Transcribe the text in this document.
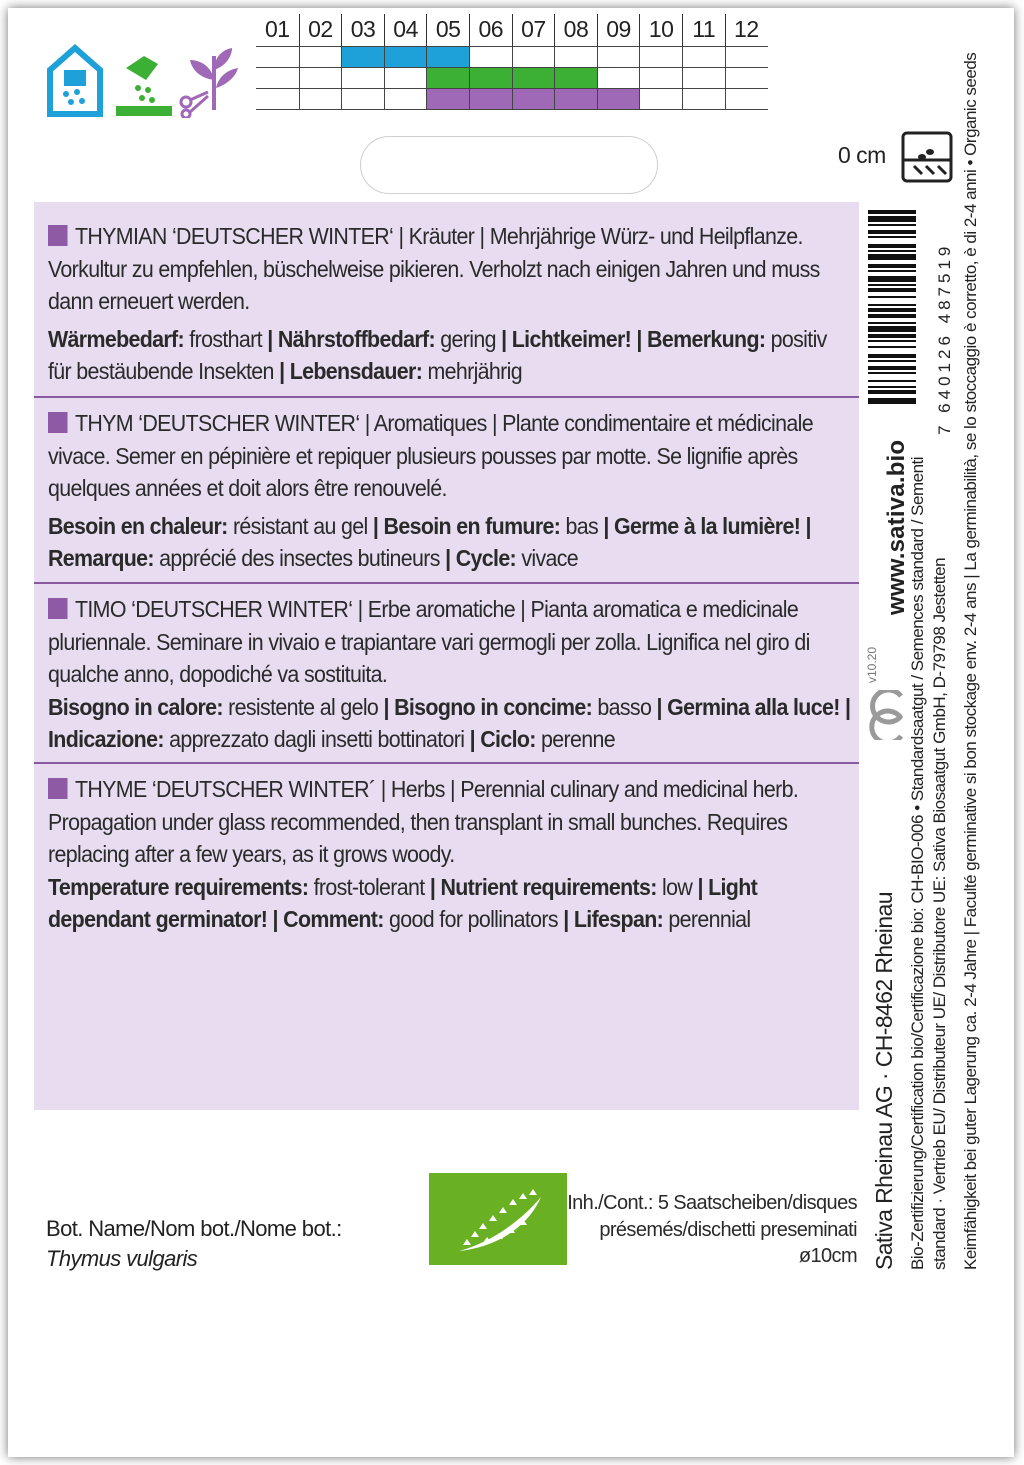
01 02 03 04 05 06 07 08 09 10 11 12
0 cm

THYMIAN ‘DEUTSCHER WINTER‘ | Kräuter | Mehrjährige Würz- und Heilpflanze. Vorkultur zu empfehlen, büschelweise pikieren. Verholzt nach einigen Jahren und muss dann erneuert werden.

Wärmebedarf: frosthart | Nährstoffbedarf: gering | Lichtkeimer! | Bemerkung: positiv für bestäubende Insekten | Lebensdauer: mehrjährig

THYM ‘DEUTSCHER WINTER‘ | Aromatiques | Plante condimentaire et médicinale vivace. Semer en pépinière et repiquer plusieurs pousses par motte. Se lignifie après quelques années et doit alors être renouvelé.

Besoin en chaleur: résistant au gel | Besoin en fumure: bas | Germe à la lumière! | Remarque: apprécié des insectes butineurs | Cycle: vivace

TIMO ‘DEUTSCHER WINTER‘ | Erbe aromatiche | Pianta aromatica e medicinale pluriennale. Seminare in vivaio e trapiantare vari germogli per zolla. Lignifica nel giro di qualche anno, dopodiché va sostituita.

Bisogno in calore: resistente al gelo | Bisogno in concime: basso | Germina alla luce! | Indicazione: apprezzato dagli insetti bottinatori | Ciclo: perenne

THYME ‘DEUTSCHER WINTER´ | Herbs | Perennial culinary and medicinal herb. Propagation under glass recommended, then transplant in small bunches. Requires replacing after a few years, as it grows woody.

Temperature requirements: frost-tolerant | Nutrient requirements: low | Light dependant germinator! | Comment: good for pollinators | Lifespan: perennial

Bot. Name/Nom bot./Nome bot.:
Thymus vulgaris
Inh./Cont.: 5 Saatscheiben/disques
présemés/dischetti preseminati
ø10cm
7 640126 487519
v10.20
www.sativa.bio
Sativa Rheinau AG · CH-8462 Rheinau Bio-Zertifizierung/Certification bio/Certificazione bio: CH-BIO-006 • Standardsaatgut / Semences standard / Sementi standard · Vertrieb EU/ Distributeur UE/ Distributore UE: Sativa Biosaatgut GmbH, D-79798 Jestetten Keimfähigkeit bei guter Lagerung ca. 2-4 Jahre | Faculté germinative si bon stockage env. 2-4 ans | La germinabilità, se lo stoccaggio è corretto, è di 2-4 anni • Organic seeds
